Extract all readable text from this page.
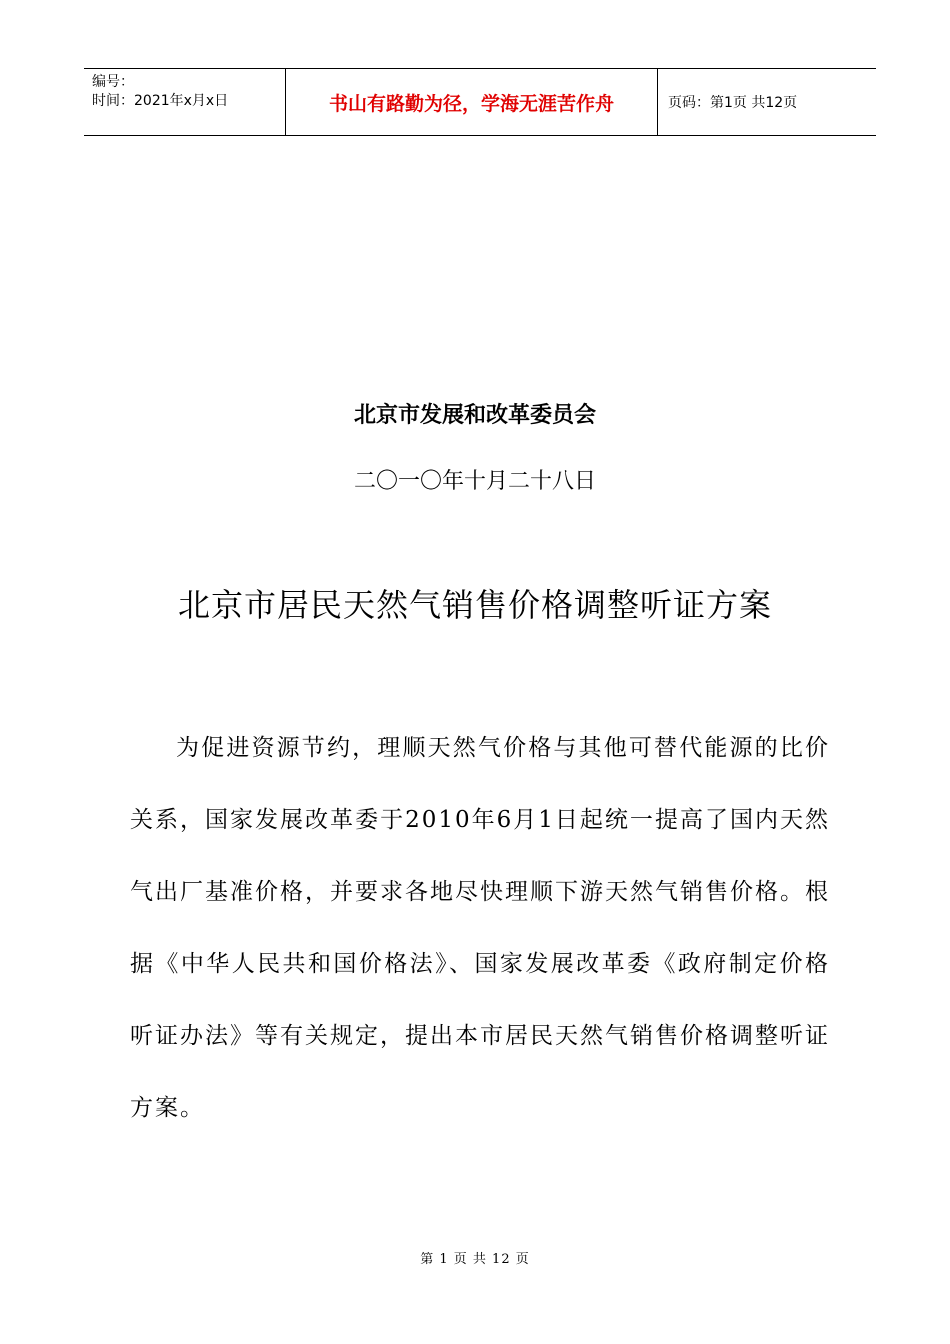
编号：
时间：2021年x月x日	书山有路勤为径，学海无涯苦作舟	页码：第1页 共12页
北京市发展和改革委员会
二〇一〇年十月二十八日
北京市居民天然气销售价格调整听证方案
为促进资源节约，理顺天然气价格与其他可替代能源的比价关系，国家发展改革委于2010年6月1日起统一提高了国内天然气出厂基准价格，并要求各地尽快理顺下游天然气销售价格。根据《中华人民共和国价格法》、国家发展改革委《政府制定价格听证办法》等有关规定，提出本市居民天然气销售价格调整听证方案。
第 1 页 共 12 页
